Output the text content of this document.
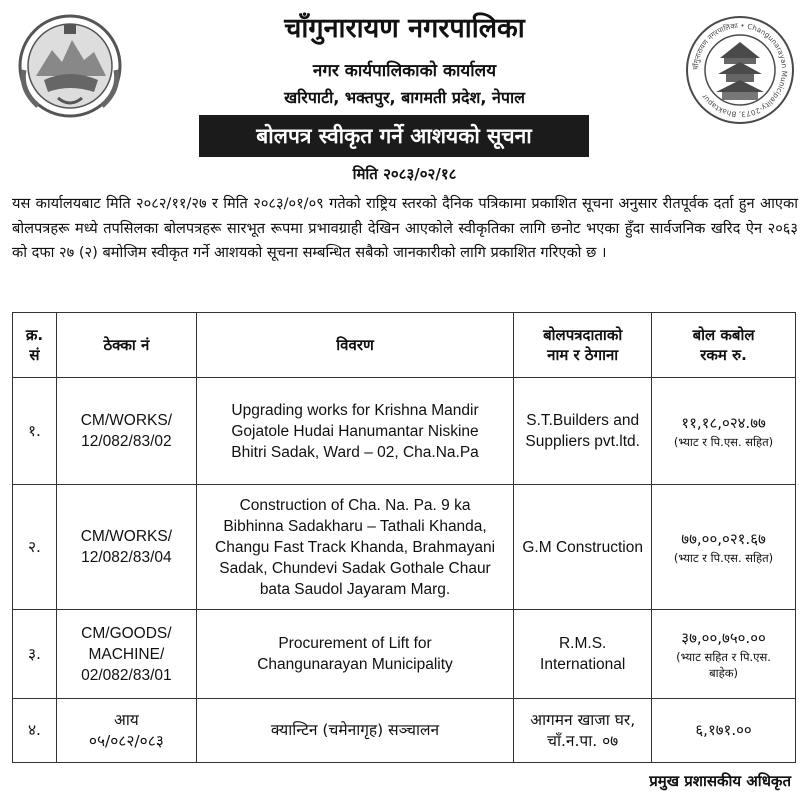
चाँगुनारायण नगरपालिका
नगर कार्यपालिकाको कार्यालय
खरिपाटी, भक्तपुर, बागमती प्रदेश, नेपाल
चाँगुनारायण नगरपालिका • Changunarayan Municipality-2073, Bhaktapur
बोलपत्र स्वीकृत गर्ने आशयको सूचना
मिति २०८३/०२/१८
यस कार्यालयबाट मिति २०८२/११/२७ र मिति २०८३/०१/०९ गतेको राष्ट्रिय स्तरको दैनिक पत्रिकामा प्रकाशित सूचना अनुसार रीतपूर्वक दर्ता हुन आएका बोलपत्रहरू मध्ये तपसिलका बोलपत्रहरू सारभूत रूपमा प्रभावग्राही देखिन आएकोले स्वीकृतिका लागि छनोट भएका हुँदा सार्वजनिक खरिद ऐन २०६३ को दफा २७ (२) बमोजिम स्वीकृत गर्ने आशयको सूचना सम्बन्धित सबैको जानकारीको लागि प्रकाशित गरिएको छ ।
क्र.
सं	ठेक्का नं	विवरण	बोलपत्रदाताको
नाम र ठेगाना	बोल कबोल
रकम रु.
१.	CM/WORKS/
12/082/83/02	Upgrading works for Krishna Mandir
Gojatole Hudai Hanumantar Niskine
Bhitri Sadak, Ward – 02, Cha.Na.Pa	S.T.Builders and
Suppliers pvt.ltd.	११,१८,०२४.७७
(भ्याट र पि.एस. सहित)

२.	CM/WORKS/
12/082/83/04	Construction of Cha. Na. Pa. 9 ka
Bibhinna Sadakharu – Tathali Khanda,
Changu Fast Track Khanda, Brahmayani
Sadak, Chundevi Sadak Gothale Chaur
bata Saudol Jayaram Marg.	G.M Construction	७७,००,०२१.६७
(भ्याट र पि.एस. सहित)

३.	CM/GOODS/
MACHINE/
02/082/83/01	Procurement of Lift for
Changunarayan Municipality	R.M.S.
International	३७,००,७५०.००
(भ्याट सहित र पि.एस.
बाहेक)

४.	आय
०५/०८२/०८३	क्यान्टिन (चमेनागृह) सञ्चालन	आगमन खाजा घर,
चाँ.न.पा. ०७	६,१७१.००
प्रमुख प्रशासकीय अधिकृत
